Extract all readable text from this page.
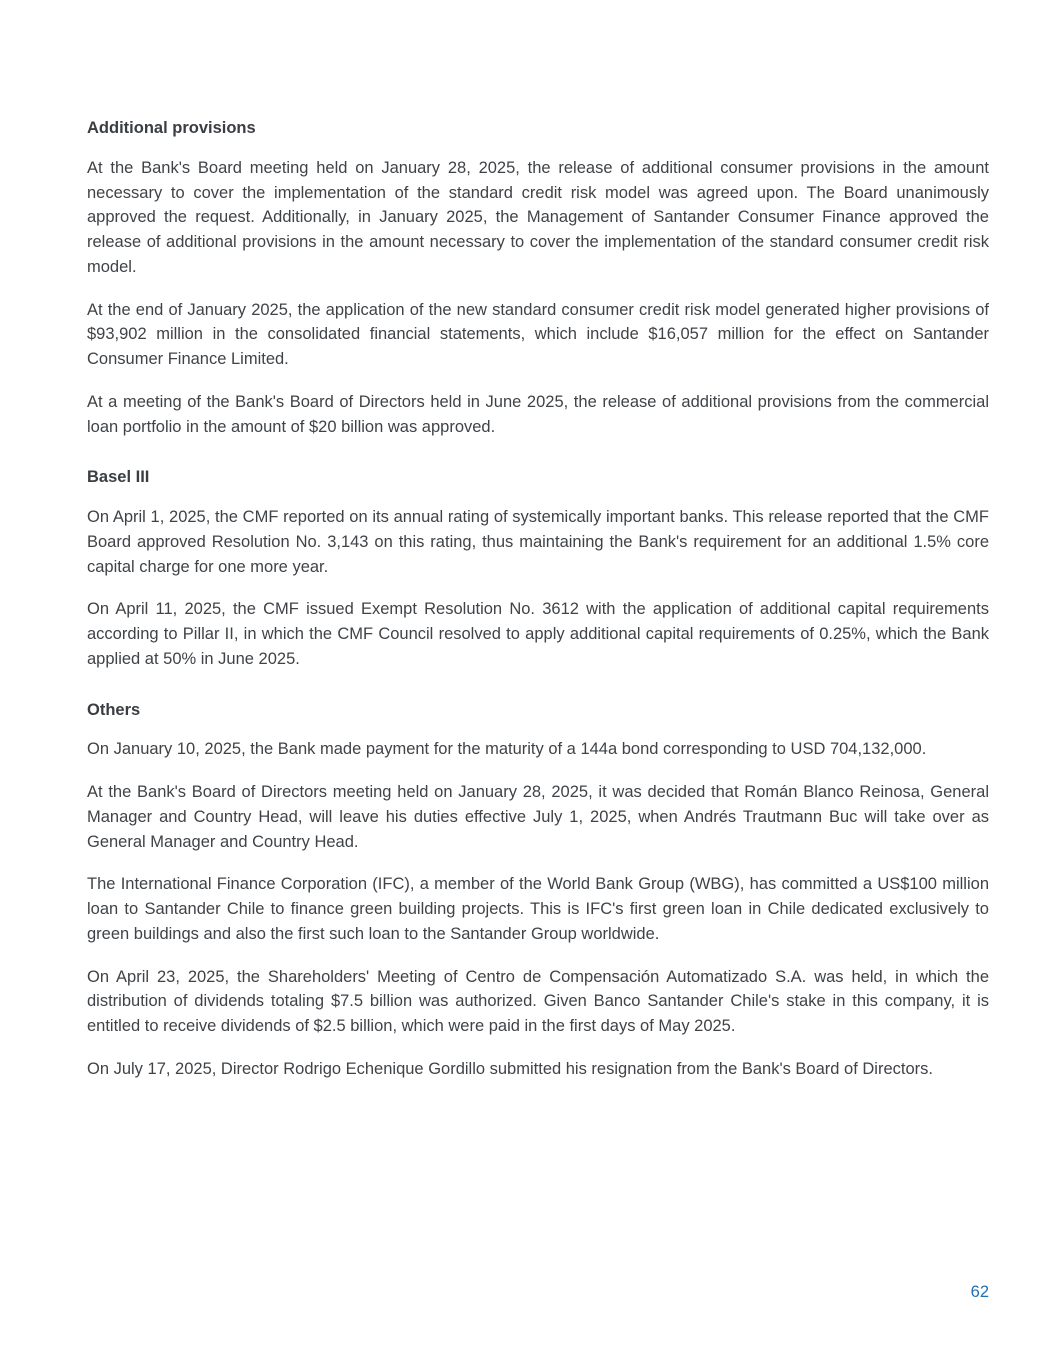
Additional provisions

At the Bank's Board meeting held on January 28, 2025, the release of additional consumer provisions in the amount necessary to cover the implementation of the standard credit risk model was agreed upon. The Board unanimously approved the request. Additionally, in January 2025, the Management of Santander Consumer Finance approved the release of additional provisions in the amount necessary to cover the implementation of the standard consumer credit risk model.

At the end of January 2025, the application of the new standard consumer credit risk model generated higher provisions of $93,902 million in the consolidated financial statements, which include $16,057 million for the effect on Santander Consumer Finance Limited.

At a meeting of the Bank's Board of Directors held in June 2025, the release of additional provisions from the commercial loan portfolio in the amount of $20 billion was approved.

Basel III

On April 1, 2025, the CMF reported on its annual rating of systemically important banks. This release reported that the CMF Board approved Resolution No. 3,143 on this rating, thus maintaining the Bank's requirement for an additional 1.5% core capital charge for one more year.

On April 11, 2025, the CMF issued Exempt Resolution No. 3612 with the application of additional capital requirements according to Pillar II, in which the CMF Council resolved to apply additional capital requirements of 0.25%, which the Bank applied at 50% in June 2025.

Others

On January 10, 2025, the Bank made payment for the maturity of a 144a bond corresponding to USD 704,132,000.

At the Bank's Board of Directors meeting held on January 28, 2025, it was decided that Román Blanco Reinosa, General Manager and Country Head, will leave his duties effective July 1, 2025, when Andrés Trautmann Buc will take over as General Manager and Country Head.

The International Finance Corporation (IFC), a member of the World Bank Group (WBG), has committed a US$100 million loan to Santander Chile to finance green building projects. This is IFC's first green loan in Chile dedicated exclusively to green buildings and also the first such loan to the Santander Group worldwide.

On April 23, 2025, the Shareholders' Meeting of Centro de Compensación Automatizado S.A. was held, in which the distribution of dividends totaling $7.5 billion was authorized. Given Banco Santander Chile's stake in this company, it is entitled to receive dividends of $2.5 billion, which were paid in the first days of May 2025.

On July 17, 2025, Director Rodrigo Echenique Gordillo submitted his resignation from the Bank's Board of Directors.

62
